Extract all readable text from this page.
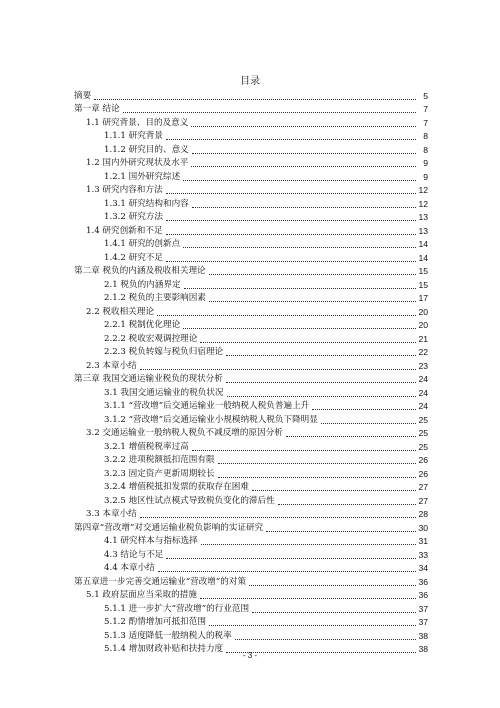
目录
摘要	5
第一章 结论	7
1.1 研究背景、目的及意义	7
1.1.1 研究背景	8
1.1.2 研究目的、意义	8
1.2 国内外研究现状及水平	9
1.2.1 国外研究综述	9
1.3 研究内容和方法	12
1.3.1 研究结构和内容	12
1.3.2 研究方法	13
1.4 研究创新和不足	13
1.4.1 研究的创新点	14
1.4.2 研究不足	14
第二章 税负的内涵及税收相关理论	15
2.1 税负的内涵界定	15
2.1.2 税负的主要影响因素	17
2.2 税收相关理论	20
2.2.1 税制优化理论	20
2.2.2 税收宏观调控理论	21
2.2.3 税负转嫁与税负归宿理论	22
2.3 本章小结	23
第三章 我国交通运输业税负的现状分析	24
3.1 我国交通运输业的税负状况	24
3.1.1 “营改增”后交通运输业一般纳税人税负普遍上升	24
3.1.2 “营改增”后交通运输业小规模纳税人税负下降明显	25
3.2 交通运输业一般纳税人税负不减反增的原因分析	25
3.2.1 增值税税率过高	25
3.2.2 进项税额抵扣范围有限	26
3.2.3 固定资产更新周期较长	26
3.2.4 增值税抵扣发票的获取存在困难	27
3.2.5 地区性试点模式导致税负变化的滞后性	27
3.3 本章小结	28
第四章“营改增”对交通运输业税负影响的实证研究	30
4.1 研究样本与指标选择	31
4.3 结论与不足	33
4.4 本章小结	34
第五章进一步完善交通运输业“营改增”的对策	36
5.1 政府层面应当采取的措施	36
5.1.1 进一步扩大“营改增”的行业范围	37
5.1.2 酌情增加可抵扣范围	37
5.1.3 适度降低一般纳税人的税率	38
5.1.4 增加财政补贴和扶持力度	38
- 3 -
